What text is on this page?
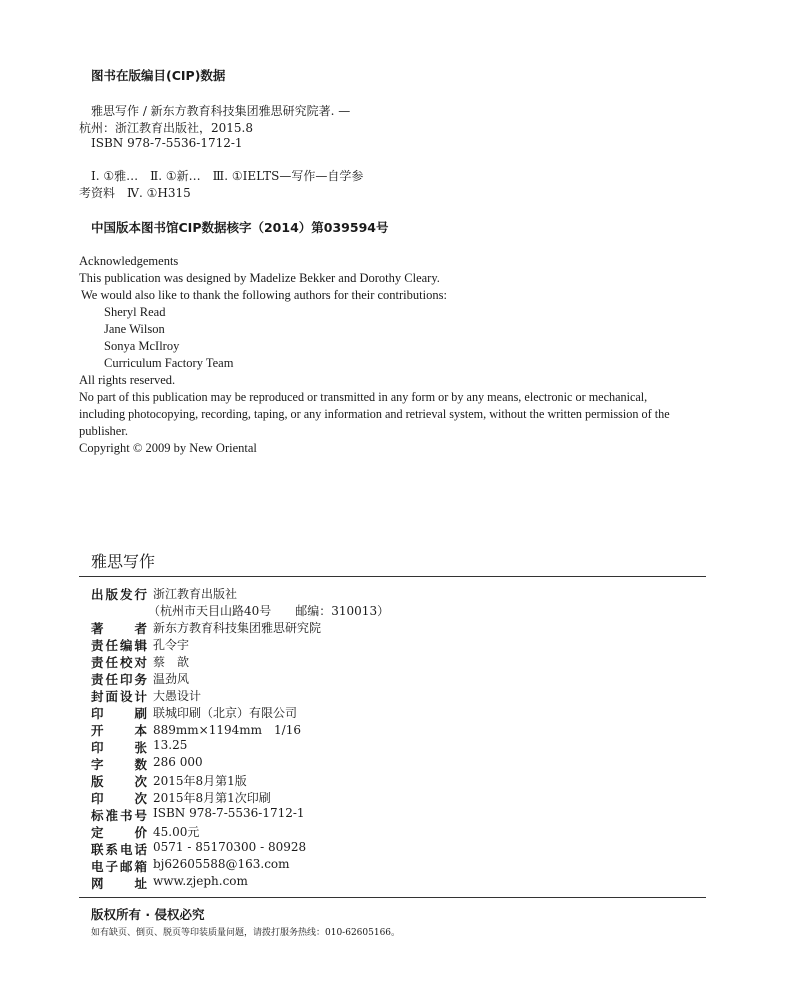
图书在版编目(CIP)数据
雅思写作 / 新东方教育科技集团雅思研究院著. —
杭州：浙江教育出版社，2015.8
ISBN 978-7-5536-1712-1
Ⅰ. ①雅…　Ⅱ. ①新…　Ⅲ. ①IELTS—写作—自学参
考资料　Ⅳ. ①H315
中国版本图书馆CIP数据核字（2014）第039594号
Acknowledgements
This publication was designed by Madelize Bekker and Dorothy Cleary.
We would also like to thank the following authors for their contributions:
Sheryl Read
Jane Wilson
Sonya McIlroy
Curriculum Factory Team
All rights reserved.
No part of this publication may be reproduced or transmitted in any form or by any means, electronic or mechanical,
including photocopying, recording, taping, or any information and retrieval system, without the written permission of the
publisher.
Copyright © 2009 by New Oriental
雅思写作
出版发行 浙江教育出版社
（杭州市天目山路40号　　邮编：310013）
著　者 新东方教育科技集团雅思研究院
责任编辑 孔令宇
责任校对 蔡　歆
责任印务 温劲风
封面设计 大愚设计
印　刷 联城印刷（北京）有限公司
开　本 889mm×1194mm　1/16
印　张 13.25
字　数 286 000
版　次 2015年8月第1版
印　次 2015年8月第1次印刷
标准书号 ISBN 978-7-5536-1712-1
定　价 45.00元
联系电话 0571 - 85170300 - 80928
电子邮箱 bj62605588@163.com
网　址 www.zjeph.com
版权所有 · 侵权必究
如有缺页、倒页、脱页等印装质量问题，请拨打服务热线：010-62605166。
